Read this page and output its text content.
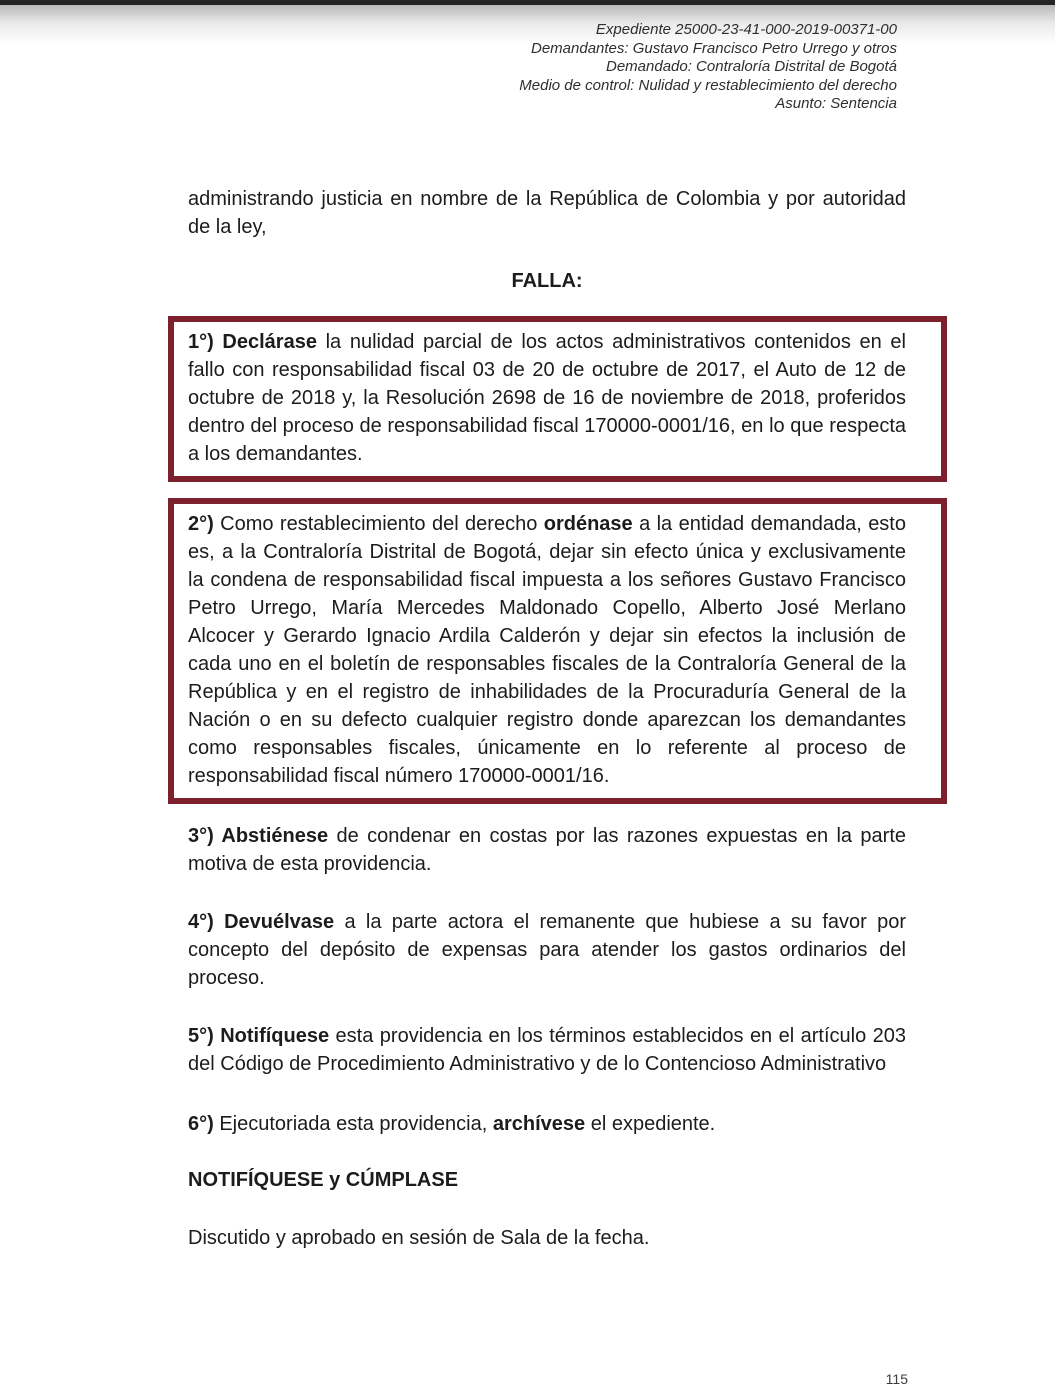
Expediente 25000-23-41-000-2019-00371-00
Demandantes: Gustavo Francisco Petro Urrego y otros
Demandado: Contraloría Distrital de Bogotá
Medio de control: Nulidad y restablecimiento del derecho
Asunto: Sentencia

administrando justicia en nombre de la República de Colombia y por autoridad de la ley,

FALLA:

1°) Declárase la nulidad parcial de los actos administrativos contenidos en el fallo con responsabilidad fiscal 03 de 20 de octubre de 2017, el Auto de 12 de octubre de 2018 y, la Resolución 2698 de 16 de noviembre de 2018, proferidos dentro del proceso de responsabilidad fiscal 170000-0001/16, en lo que respecta a los demandantes.

2°) Como restablecimiento del derecho ordénase a la entidad demandada, esto es, a la Contraloría Distrital de Bogotá, dejar sin efecto única y exclusivamente la condena de responsabilidad fiscal impuesta a los señores Gustavo Francisco Petro Urrego, María Mercedes Maldonado Copello, Alberto José Merlano Alcocer y Gerardo Ignacio Ardila Calderón y dejar sin efectos la inclusión de cada uno en el boletín de responsables fiscales de la Contraloría General de la República y en el registro de inhabilidades de la Procuraduría General de la Nación o en su defecto cualquier registro donde aparezcan los demandantes como responsables fiscales, únicamente en lo referente al proceso de responsabilidad fiscal número 170000-0001/16.

3°) Abstiénese de condenar en costas por las razones expuestas en la parte motiva de esta providencia.

4°) Devuélvase a la parte actora el remanente que hubiese a su favor por concepto del depósito de expensas para atender los gastos ordinarios del proceso.

5°) Notifíquese esta providencia en los términos establecidos en el artículo 203 del Código de Procedimiento Administrativo y de lo Contencioso Administrativo

6°) Ejecutoriada esta providencia, archívese el expediente.

NOTIFÍQUESE y CÚMPLASE

Discutido y aprobado en sesión de Sala de la fecha.

115
